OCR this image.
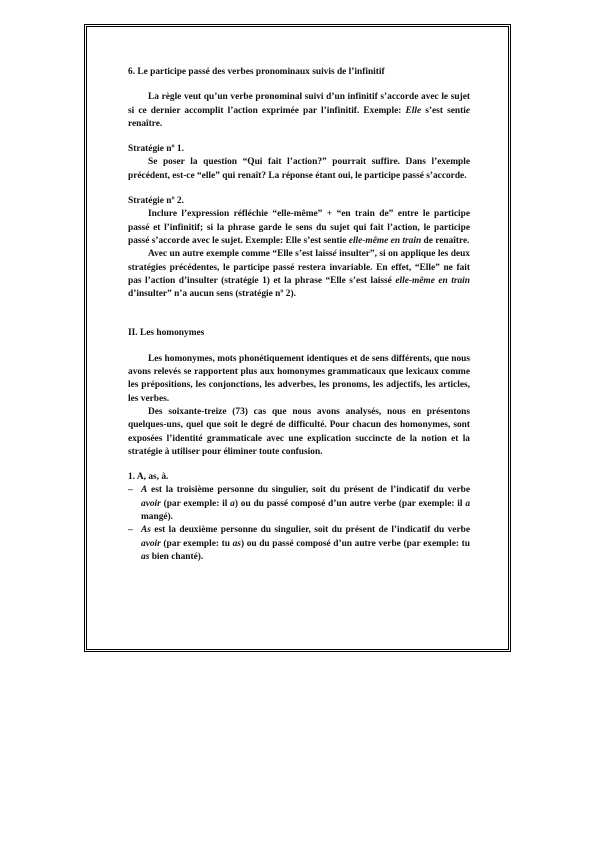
6. Le participe passé des verbes pronominaux suivis de l’infinitif

La règle veut qu’un verbe pronominal suivi d’un infinitif s’accorde avec le sujet si ce dernier accomplit l’action exprimée par l’infinitif. Exemple: Elle s’est sentie renaître.

Stratégie nº 1.

Se poser la question “Qui fait l’action?” pourrait suffire. Dans l’exemple précédent, est-ce “elle” qui renaît? La réponse étant oui, le participe passé s’accorde.

Stratégie nº 2.

Inclure l’expression réfléchie “elle-même” + “en train de” entre le participe passé et l’infinitif; si la phrase garde le sens du sujet qui fait l’action, le participe passé s’accorde avec le sujet. Exemple: Elle s’est sentie elle-même en train de renaître.

Avec un autre exemple comme “Elle s’est laissé insulter”, si on applique les deux stratégies précédentes, le participe passé restera invariable. En effet, “Elle” ne fait pas l’action d’insulter (stratégie 1) et la phrase “Elle s’est laissé elle-même en train d’insulter” n’a aucun sens (stratégie nº 2).

II. Les homonymes

Les homonymes, mots phonétiquement identiques et de sens différents, que nous avons relevés se rapportent plus aux homonymes grammaticaux que lexicaux comme les prépositions, les conjonctions, les adverbes, les pronoms, les adjectifs, les articles, les verbes.

Des soixante-treize (73) cas que nous avons analysés, nous en présentons quelques-uns, quel que soit le degré de difficulté. Pour chacun des homonymes, sont exposées l’identité grammaticale avec une explication succincte de la notion et la stratégie à utiliser pour éliminer toute confusion.

1. A, as, à.

– A est la troisième personne du singulier, soit du présent de l’indicatif du verbe avoir (par exemple: il a) ou du passé composé d’un autre verbe (par exemple: il a mangé).

– As est la deuxième personne du singulier, soit du présent de l’indicatif du verbe avoir (par exemple: tu as) ou du passé composé d’un autre verbe (par exemple: tu as bien chanté).
